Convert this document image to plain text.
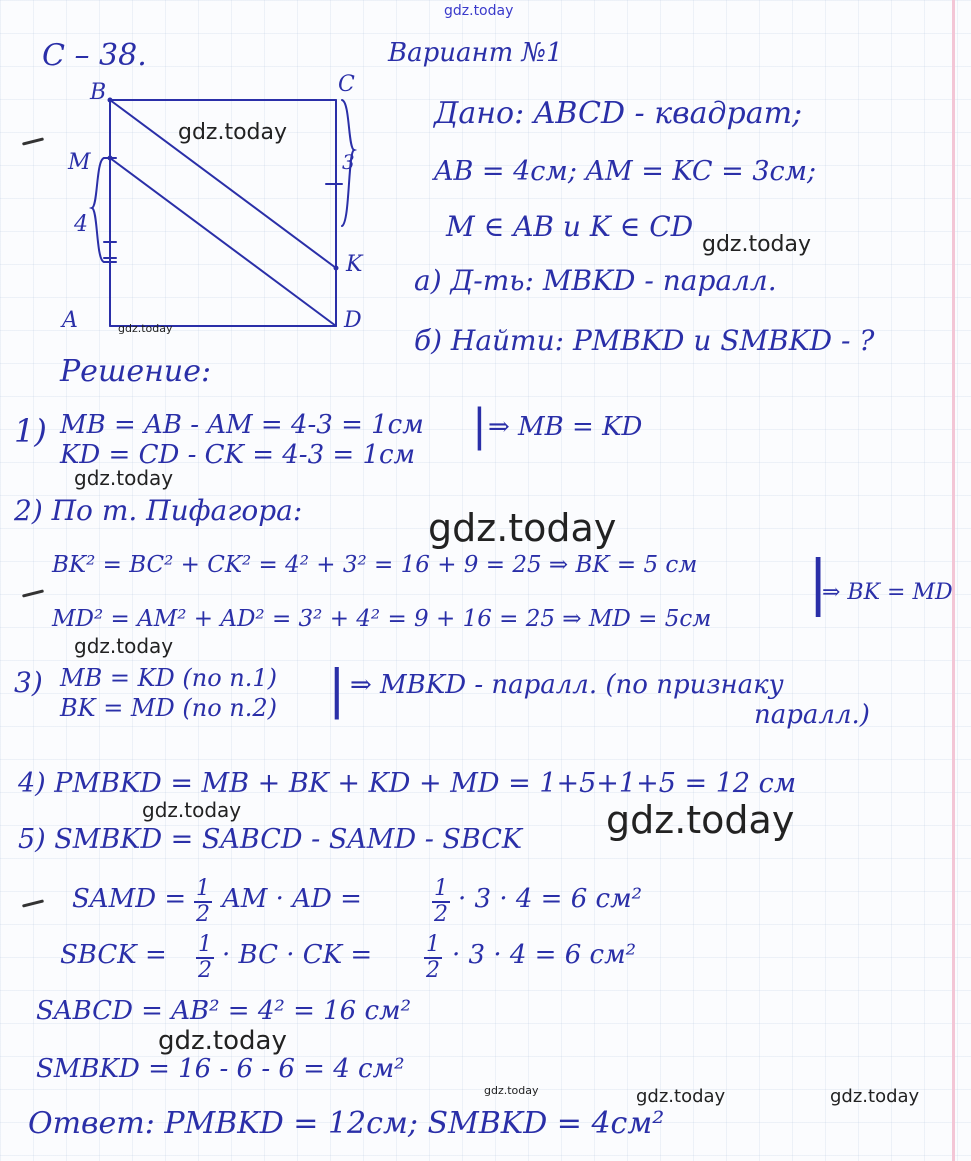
B	C
M
K
A	D
4
3
С – 38.	Вариант №1
Дано: ABCD - квадрат;
AB = 4см; AM = KC = 3см;
M ∈ AB и K ∈ CD
а) Д-ть: MBKD - паралл.
б) Найти: PMBKD и SMBKD - ?
Решение:
1) MB = AB - AM = 4-3 = 1см
KD = CD - CK = 4-3 = 1см
| ⇒ MB = KD
2) По т. Пифагора:
BK² = BC² + CK² = 4² + 3² = 16 + 9 = 25 ⇒ BK = 5 см
MD² = AM² + AD² = 3² + 4² = 9 + 16 = 25 ⇒ MD = 5см
|
⇒ BK = MD
3) MB = KD (по п.1)
BK = MD (по п.2) | ⇒ MBKD - паралл. (по признаку
паралл.)
4) PMBKD = MB + BK + KD + MD = 1+5+1+5 = 12 см
5) SMBKD = SABCD - SAMD - SBCK
SAMD = 1
2
AM · AD =	1
2
· 3 · 4 = 6 см²
SBCK = 1
2
· BC · CK = 1
2
· 3 · 4 = 6 см²
SABCD = AB² = 4² = 16 см²
SMBKD = 16 - 6 - 6 = 4 см²
Ответ: PMBKD = 12см; SMBKD = 4см²
gdz.today
gdz.today
gdz.today
gdz.today
gdz.today
gdz.today
gdz.today
gdz.today	gdz.today
gdz.today
gdz.today	gdz.today	gdz.today
